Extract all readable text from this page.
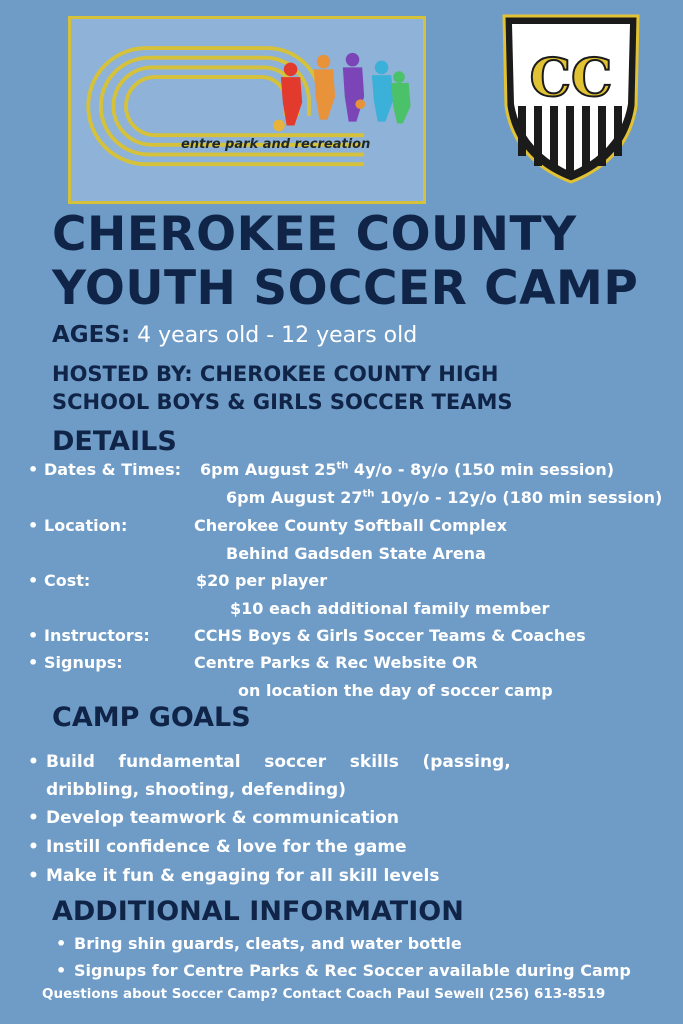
entre park and recreation
CC
CHEROKEE COUNTY
YOUTH SOCCER CAMP
AGES: 4 years old - 12 years old
HOSTED BY: CHEROKEE COUNTY HIGH
SCHOOL BOYS & GIRLS SOCCER TEAMS
DETAILS
•
Dates & Times: 6pm August 25th 4y/o - 8y/o (150 min session)
6pm August 27th 10y/o - 12y/o (180 min session)
•
Location:	Cherokee County Softball Complex
Behind Gadsden State Arena
•
Cost:	$20 per player
$10 each additional family member
•
Instructors:	CCHS Boys & Girls Soccer Teams & Coaches
•
Signups:	Centre Parks & Rec Website OR
on location the day of soccer camp
CAMP GOALS
•
Build    fundamental    soccer    skills    (passing,
dribbling, shooting, defending)
•
Develop teamwork & communication
•
Instill confidence & love for the game
•
Make it fun & engaging for all skill levels
ADDITIONAL INFORMATION
•
Bring shin guards, cleats, and water bottle
•
Signups for Centre Parks & Rec Soccer available during Camp
Questions about Soccer Camp? Contact Coach Paul Sewell (256) 613-8519
